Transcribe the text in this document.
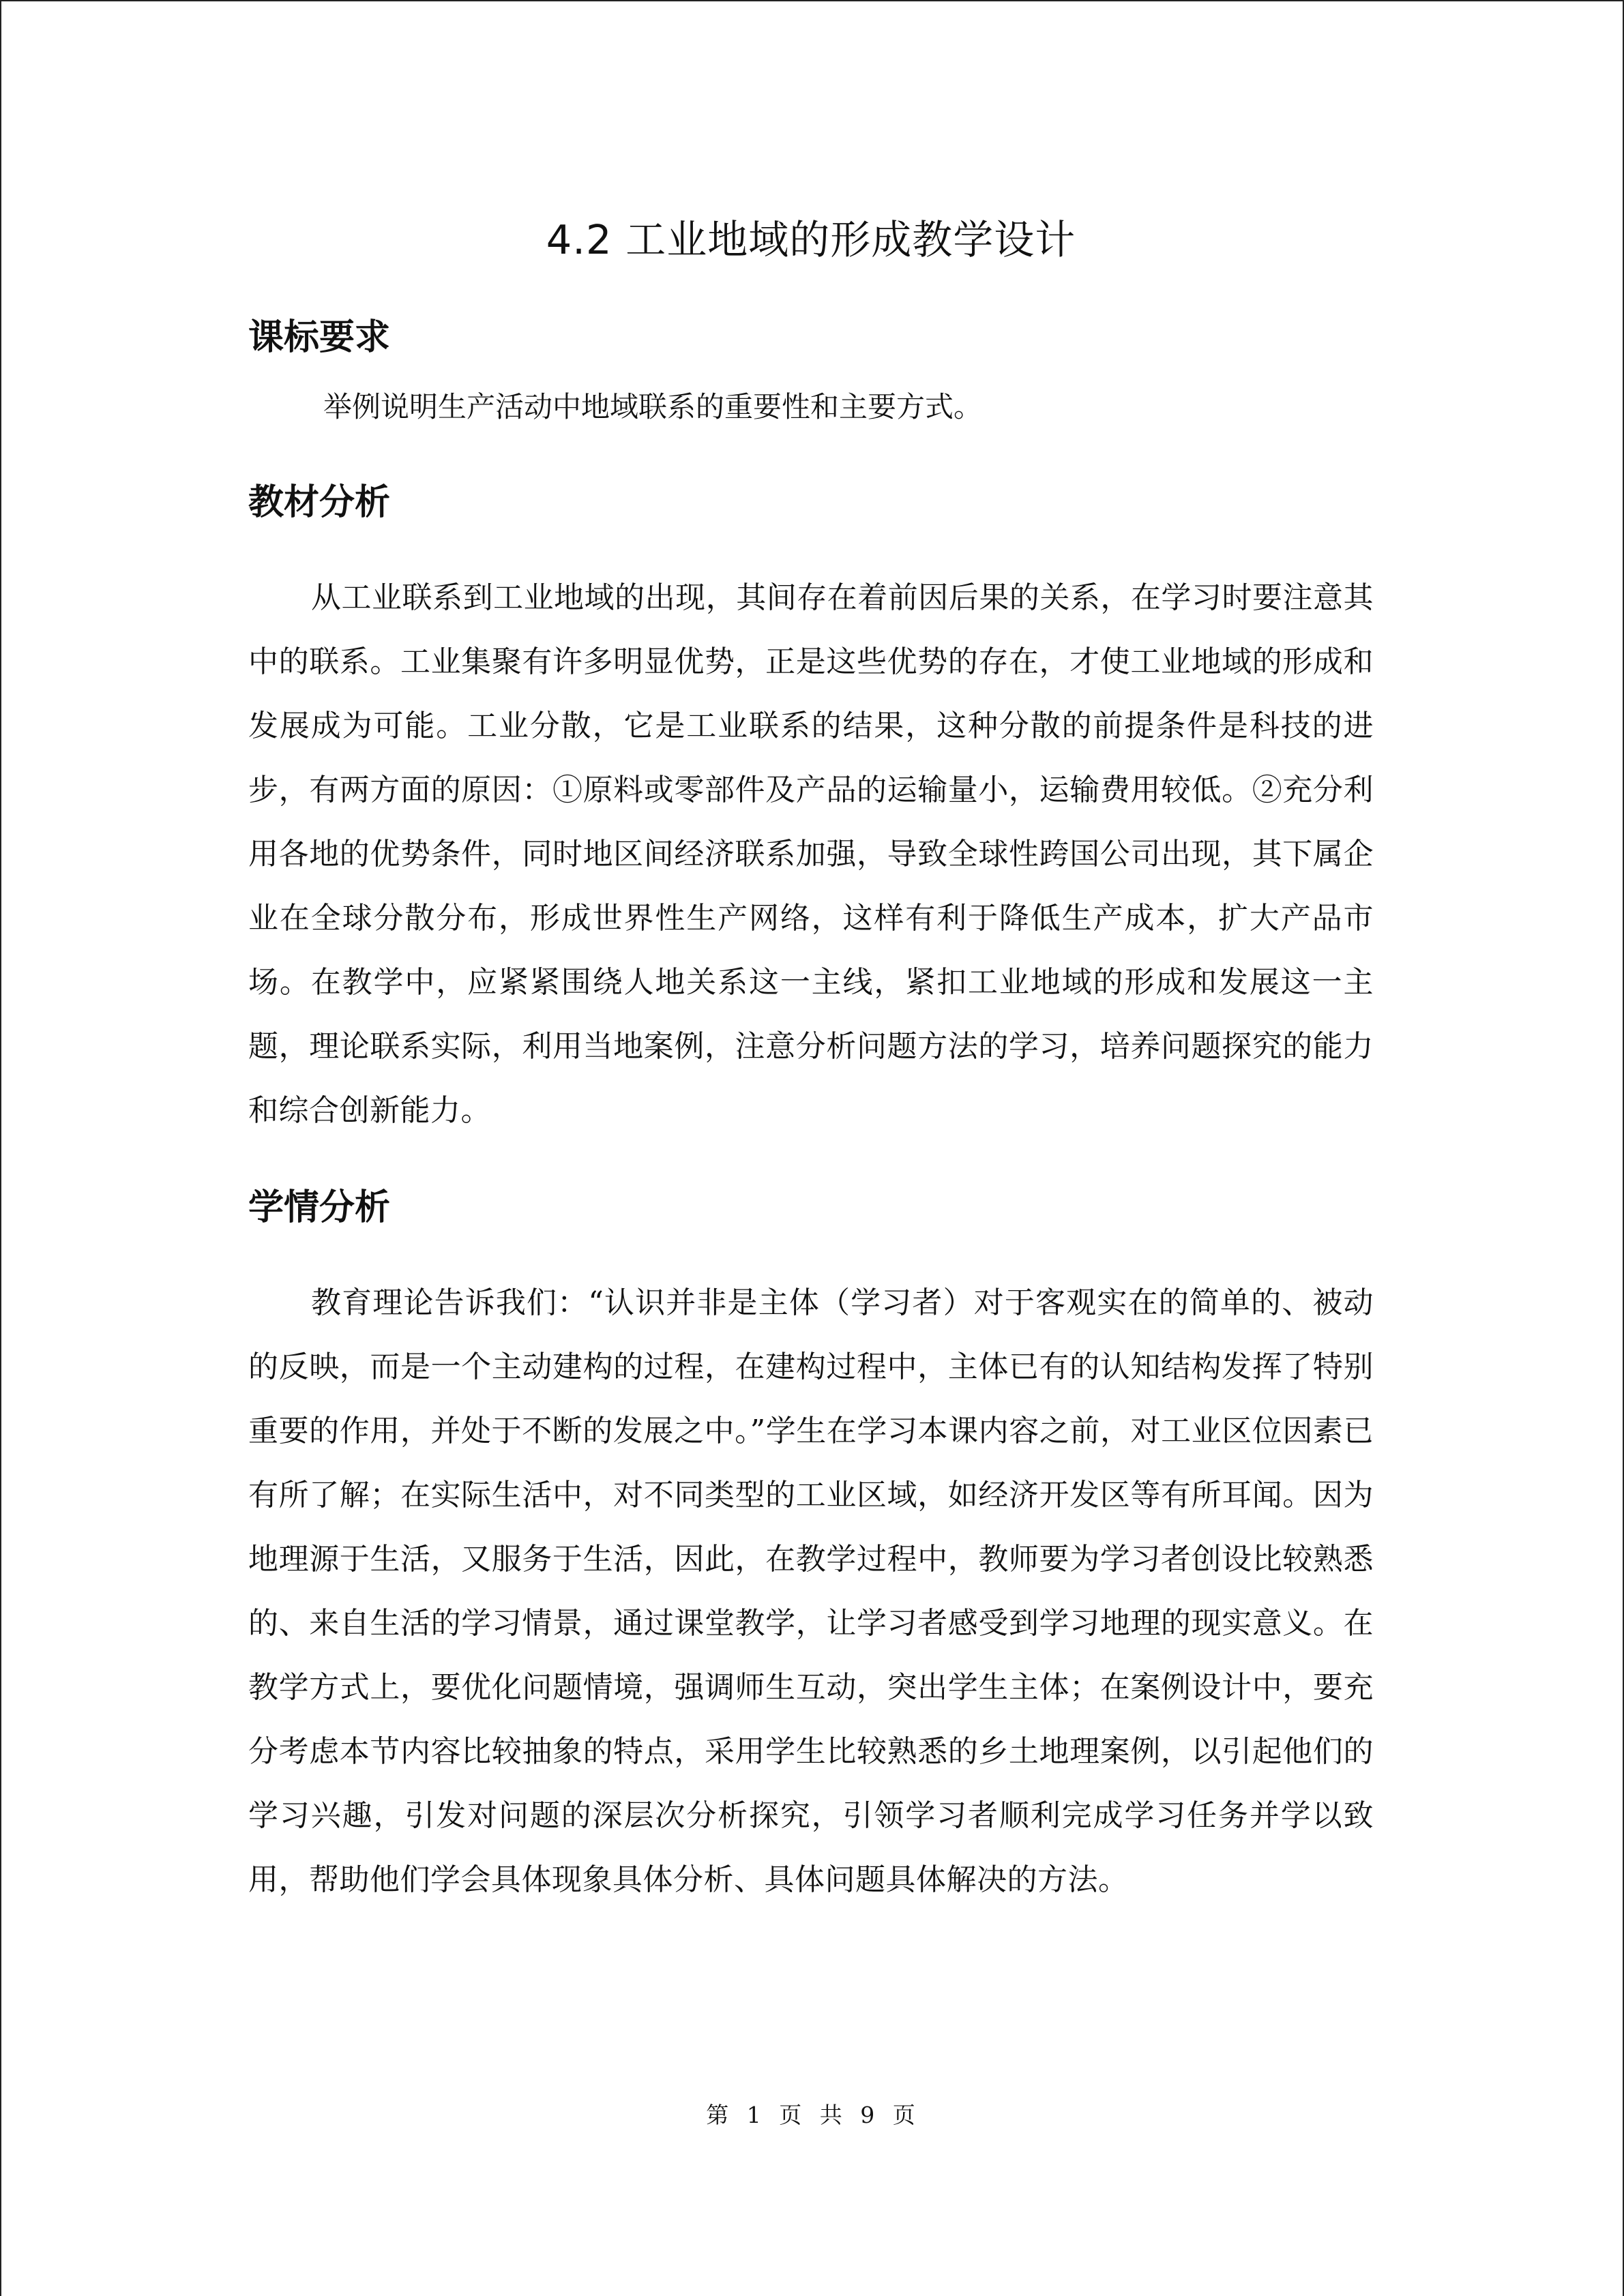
4.2 工业地域的形成教学设计
课标要求

举例说明生产活动中地域联系的重要性和主要方式。

教材分析

从工业联系到工业地域的出现，其间存在着前因后果的关系，在学习时要注意其中的联系。工业集聚有许多明显优势，正是这些优势的存在，才使工业地域的形成和发展成为可能。工业分散，它是工业联系的结果，这种分散的前提条件是科技的进步，有两方面的原因：①原料或零部件及产品的运输量小，运输费用较低。②充分利用各地的优势条件，同时地区间经济联系加强，导致全球性跨国公司出现，其下属企业在全球分散分布，形成世界性生产网络，这样有利于降低生产成本，扩大产品市场。在教学中，应紧紧围绕人地关系这一主线，紧扣工业地域的形成和发展这一主题，理论联系实际，利用当地案例，注意分析问题方法的学习，培养问题探究的能力和综合创新能力。

学情分析

教育理论告诉我们：“认识并非是主体（学习者）对于客观实在的简单的、被动的反映，而是一个主动建构的过程，在建构过程中，主体已有的认知结构发挥了特别重要的作用，并处于不断的发展之中。”学生在学习本课内容之前，对工业区位因素已有所了解；在实际生活中，对不同类型的工业区域，如经济开发区等有所耳闻。因为地理源于生活，又服务于生活，因此，在教学过程中，教师要为学习者创设比较熟悉的、来自生活的学习情景，通过课堂教学，让学习者感受到学习地理的现实意义。在教学方式上，要优化问题情境，强调师生互动，突出学生主体；在案例设计中，要充分考虑本节内容比较抽象的特点，采用学生比较熟悉的乡土地理案例，以引起他们的学习兴趣，引发对问题的深层次分析探究，引领学习者顺利完成学习任务并学以致用，帮助他们学会具体现象具体分析、具体问题具体解决的方法。

第 1 页 共 9 页
